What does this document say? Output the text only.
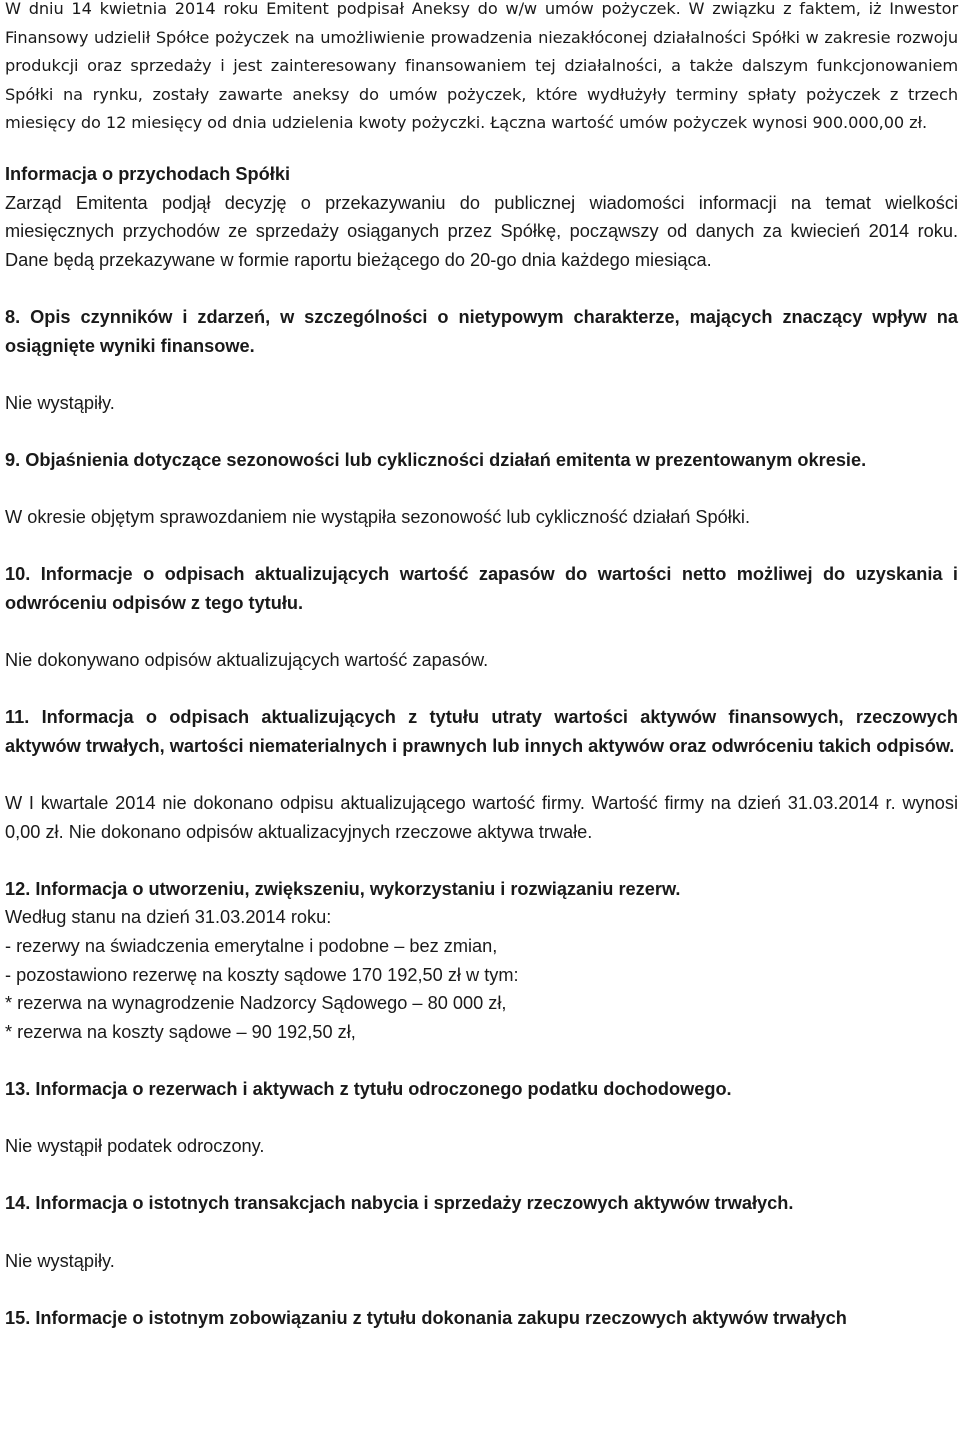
W dniu 14 kwietnia 2014 roku Emitent podpisał Aneksy do w/w umów pożyczek. W związku z faktem, iż Inwestor Finansowy udzielił Spółce pożyczek na umożliwienie prowadzenia niezakłóconej działalności Spółki w zakresie rozwoju produkcji oraz sprzedaży i jest zainteresowany finansowaniem tej działalności, a także dalszym funkcjonowaniem Spółki na rynku, zostały zawarte aneksy do umów pożyczek, które wydłużyły terminy spłaty pożyczek z trzech miesięcy do 12 miesięcy od dnia udzielenia kwoty pożyczki. Łączna wartość umów pożyczek wynosi 900.000,00 zł.

Informacja o przychodach Spółki

Zarząd Emitenta podjął decyzję o przekazywaniu do publicznej wiadomości informacji na temat wielkości miesięcznych przychodów ze sprzedaży osiąganych przez Spółkę, począwszy od danych za kwiecień 2014 roku. Dane będą przekazywane w formie raportu bieżącego do 20-go dnia każdego miesiąca.

8. Opis czynników i zdarzeń, w szczególności o nietypowym charakterze, mających znaczący wpływ na osiągnięte wyniki finansowe.

Nie wystąpiły.

9. Objaśnienia dotyczące sezonowości lub cykliczności działań emitenta w prezentowanym okresie.

W okresie objętym sprawozdaniem nie wystąpiła sezonowość lub cykliczność działań Spółki.

10. Informacje o odpisach aktualizujących wartość zapasów do wartości netto możliwej do uzyskania i odwróceniu odpisów z tego tytułu.

Nie dokonywano odpisów aktualizujących wartość zapasów.

11. Informacja o odpisach aktualizujących z tytułu utraty wartości aktywów finansowych, rzeczowych aktywów trwałych, wartości niematerialnych i prawnych lub innych aktywów oraz odwróceniu takich odpisów.

W I kwartale 2014 nie dokonano odpisu aktualizującego wartość firmy. Wartość firmy na dzień 31.03.2014 r. wynosi 0,00 zł. Nie dokonano odpisów aktualizacyjnych rzeczowe aktywa trwałe.

12. Informacja o utworzeniu, zwiększeniu, wykorzystaniu i rozwiązaniu rezerw.

Według stanu na dzień 31.03.2014 roku:
- rezerwy na świadczenia emerytalne i podobne – bez zmian,
- pozostawiono rezerwę na koszty sądowe 170 192,50 zł w tym:
* rezerwa na wynagrodzenie Nadzorcy Sądowego – 80 000 zł,
* rezerwa na koszty sądowe – 90 192,50 zł,

13. Informacja o rezerwach i aktywach z tytułu odroczonego podatku dochodowego.

Nie wystąpił podatek odroczony.

14. Informacja o istotnych transakcjach nabycia i sprzedaży rzeczowych aktywów trwałych.

Nie wystąpiły.

15. Informacje o istotnym zobowiązaniu z tytułu dokonania zakupu rzeczowych aktywów trwałych
